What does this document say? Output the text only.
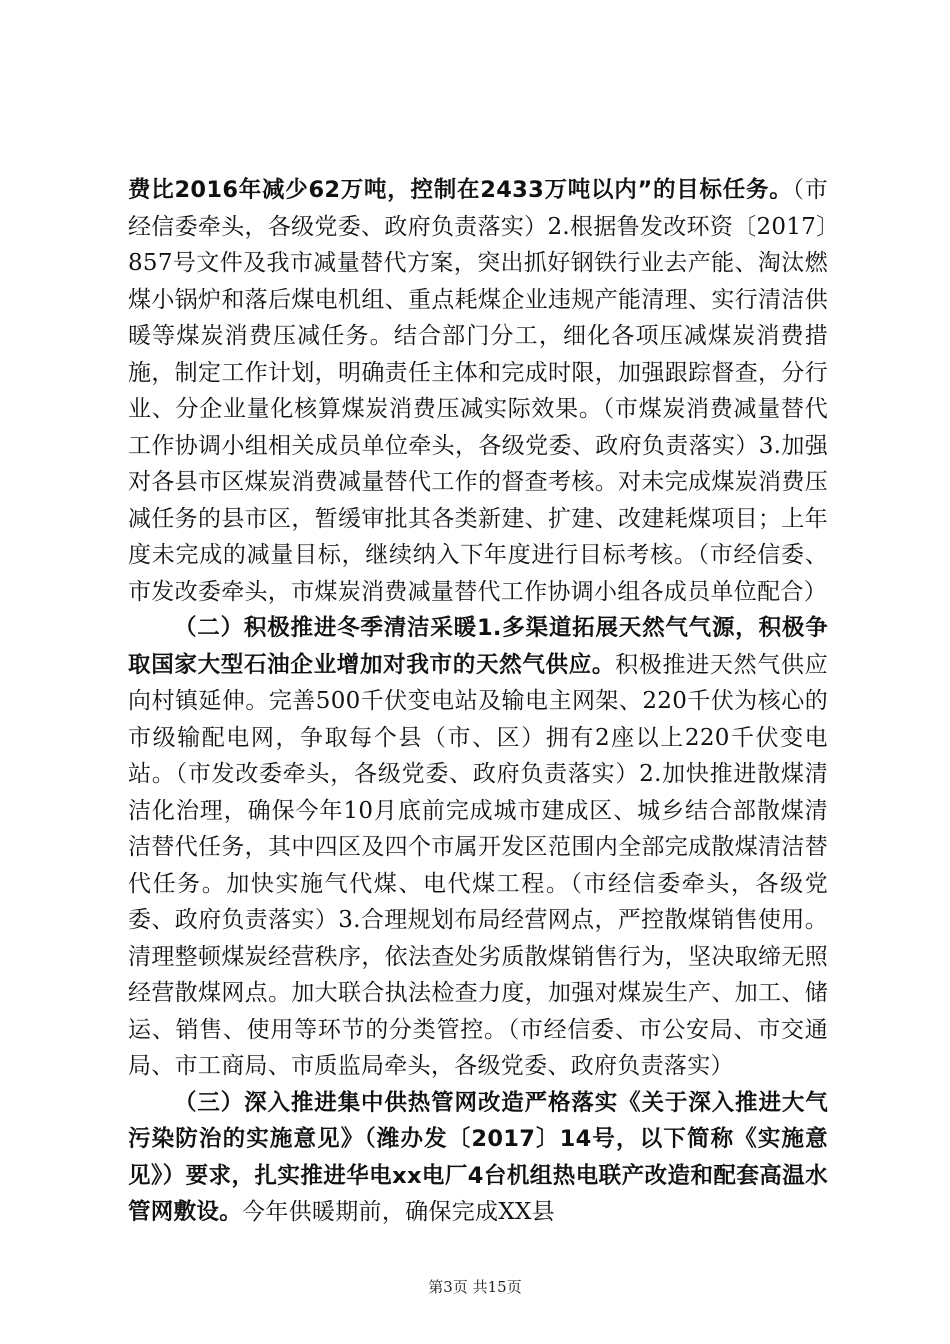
费比2016年减少62万吨，控制在2433万吨以内”的目标任务。（市经信委牵头，各级党委、政府负责落实）2.根据鲁发改环资〔2017〕857号文件及我市减量替代方案，突出抓好钢铁行业去产能、淘汰燃煤小锅炉和落后煤电机组、重点耗煤企业违规产能清理、实行清洁供暖等煤炭消费压减任务。结合部门分工，细化各项压减煤炭消费措施，制定工作计划，明确责任主体和完成时限，加强跟踪督查，分行业、分企业量化核算煤炭消费压减实际效果。（市煤炭消费减量替代工作协调小组相关成员单位牵头，各级党委、政府负责落实）3.加强对各县市区煤炭消费减量替代工作的督查考核。对未完成煤炭消费压减任务的县市区，暂缓审批其各类新建、扩建、改建耗煤项目；上年度未完成的减量目标，继续纳入下年度进行目标考核。（市经信委、市发改委牵头，市煤炭消费减量替代工作协调小组各成员单位配合）

（二）积极推进冬季清洁采暖1.多渠道拓展天然气气源，积极争取国家大型石油企业增加对我市的天然气供应。积极推进天然气供应向村镇延伸。完善500千伏变电站及输电主网架、220千伏为核心的市级输配电网，争取每个县（市、区）拥有2座以上220千伏变电站。（市发改委牵头，各级党委、政府负责落实）2.加快推进散煤清洁化治理，确保今年10月底前完成城市建成区、城乡结合部散煤清洁替代任务，其中四区及四个市属开发区范围内全部完成散煤清洁替代任务。加快实施气代煤、电代煤工程。（市经信委牵头，各级党委、政府负责落实）3.合理规划布局经营网点，严控散煤销售使用。清理整顿煤炭经营秩序，依法查处劣质散煤销售行为，坚决取缔无照经营散煤网点。加大联合执法检查力度，加强对煤炭生产、加工、储运、销售、使用等环节的分类管控。（市经信委、市公安局、市交通局、市工商局、市质监局牵头，各级党委、政府负责落实）

（三）深入推进集中供热管网改造严格落实《关于深入推进大气污染防治的实施意见》（潍办发〔2017〕14号，以下简称《实施意见》）要求，扎实推进华电xx电厂4台机组热电联产改造和配套高温水管网敷设。今年供暖期前，确保完成XX县

第3页 共15页
